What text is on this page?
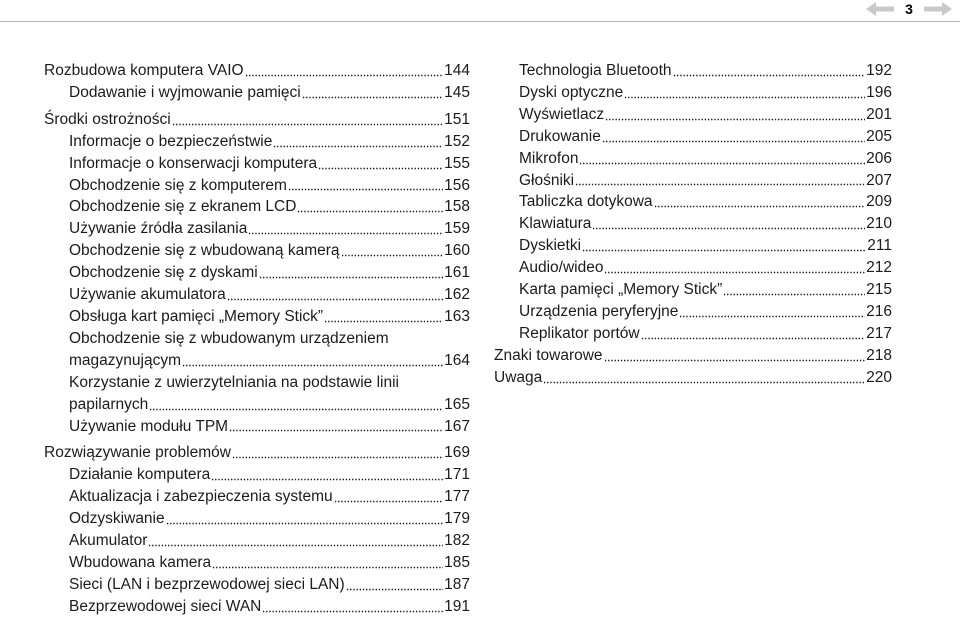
3
Rozbudowa komputera VAIO	144
Dodawanie i wyjmowanie pamięci	145
Środki ostrożności	151
Informacje o bezpieczeństwie	152
Informacje o konserwacji komputera	155
Obchodzenie się z komputerem	156
Obchodzenie się z ekranem LCD	158
Używanie źródła zasilania	159
Obchodzenie się z wbudowaną kamerą	160
Obchodzenie się z dyskami	161
Używanie akumulatora	162
Obsługa kart pamięci „Memory Stick”	163
Obchodzenie się z wbudowanym urządzeniem
magazynującym	164
Korzystanie z uwierzytelniania na podstawie linii
papilarnych	165
Używanie modułu TPM	167
Rozwiązywanie problemów	169
Działanie komputera	171
Aktualizacja i zabezpieczenia systemu	177
Odzyskiwanie	179
Akumulator	182
Wbudowana kamera	185
Sieci (LAN i bezprzewodowej sieci LAN)	187
Bezprzewodowej sieci WAN	191
Technologia Bluetooth	192
Dyski optyczne	196
Wyświetlacz	201
Drukowanie	205
Mikrofon	206
Głośniki	207
Tabliczka dotykowa	209
Klawiatura	210
Dyskietki	211
Audio/wideo	212
Karta pamięci „Memory Stick”	215
Urządzenia peryferyjne	216
Replikator portów	217
Znaki towarowe	218
Uwaga	220
